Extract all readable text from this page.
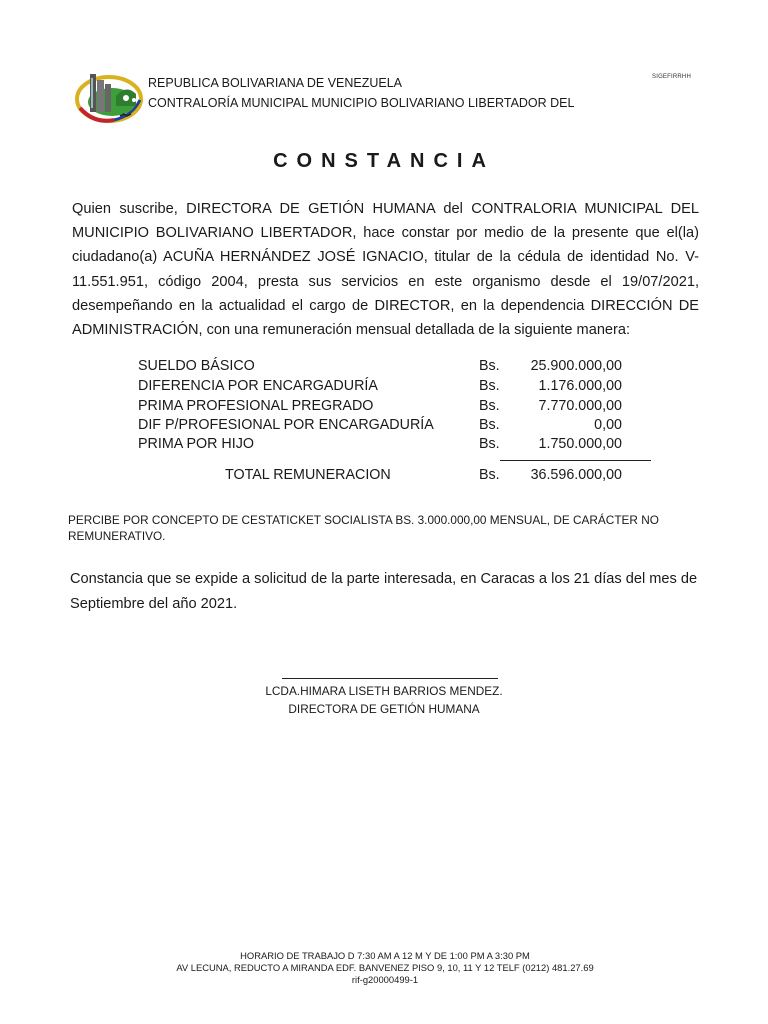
REPUBLICA BOLIVARIANA DE VENEZUELA
CONTRALORÍA MUNICIPAL MUNICIPIO BOLIVARIANO LIBERTADOR DEL
SIGEFIRRHH
CONSTANCIA
Quien suscribe, DIRECTORA DE GETIÓN HUMANA del CONTRALORIA MUNICIPAL DEL MUNICIPIO BOLIVARIANO LIBERTADOR, hace constar por medio de la presente que el(la) ciudadano(a) ACUÑA HERNÁNDEZ JOSÉ IGNACIO, titular de la cédula de identidad No. V-11.551.951, código 2004, presta sus servicios en este organismo desde el 19/07/2021, desempeñando en la actualidad el cargo de DIRECTOR, en la dependencia DIRECCIÓN DE ADMINISTRACIÓN, con una remuneración mensual detallada de la siguiente manera:
SUELDO BÁSICO	Bs. 25.900.000,00
DIFERENCIA POR ENCARGADURÍA	Bs.	1.176.000,00
PRIMA PROFESIONAL PREGRADO	Bs.	7.770.000,00
DIF P/PROFESIONAL POR ENCARGADURÍA	Bs.	0,00
PRIMA POR HIJO	Bs.	1.750.000,00
TOTAL REMUNERACION	Bs. 36.596.000,00
PERCIBE POR CONCEPTO DE CESTATICKET SOCIALISTA BS. 3.000.000,00 MENSUAL, DE CARÁCTER NO REMUNERATIVO.
Constancia que se expide a solicitud de la parte interesada, en Caracas a los 21 días del mes de Septiembre del año 2021.
LCDA.HIMARA LISETH BARRIOS MENDEZ.
DIRECTORA DE GETIÓN HUMANA
HORARIO DE TRABAJO D 7:30 AM A 12 M Y DE 1:00 PM A 3:30 PM
AV LECUNA, REDUCTO A MIRANDA EDF. BANVENEZ PISO 9, 10, 11 Y 12 TELF (0212) 481.27.69
rif-g20000499-1
